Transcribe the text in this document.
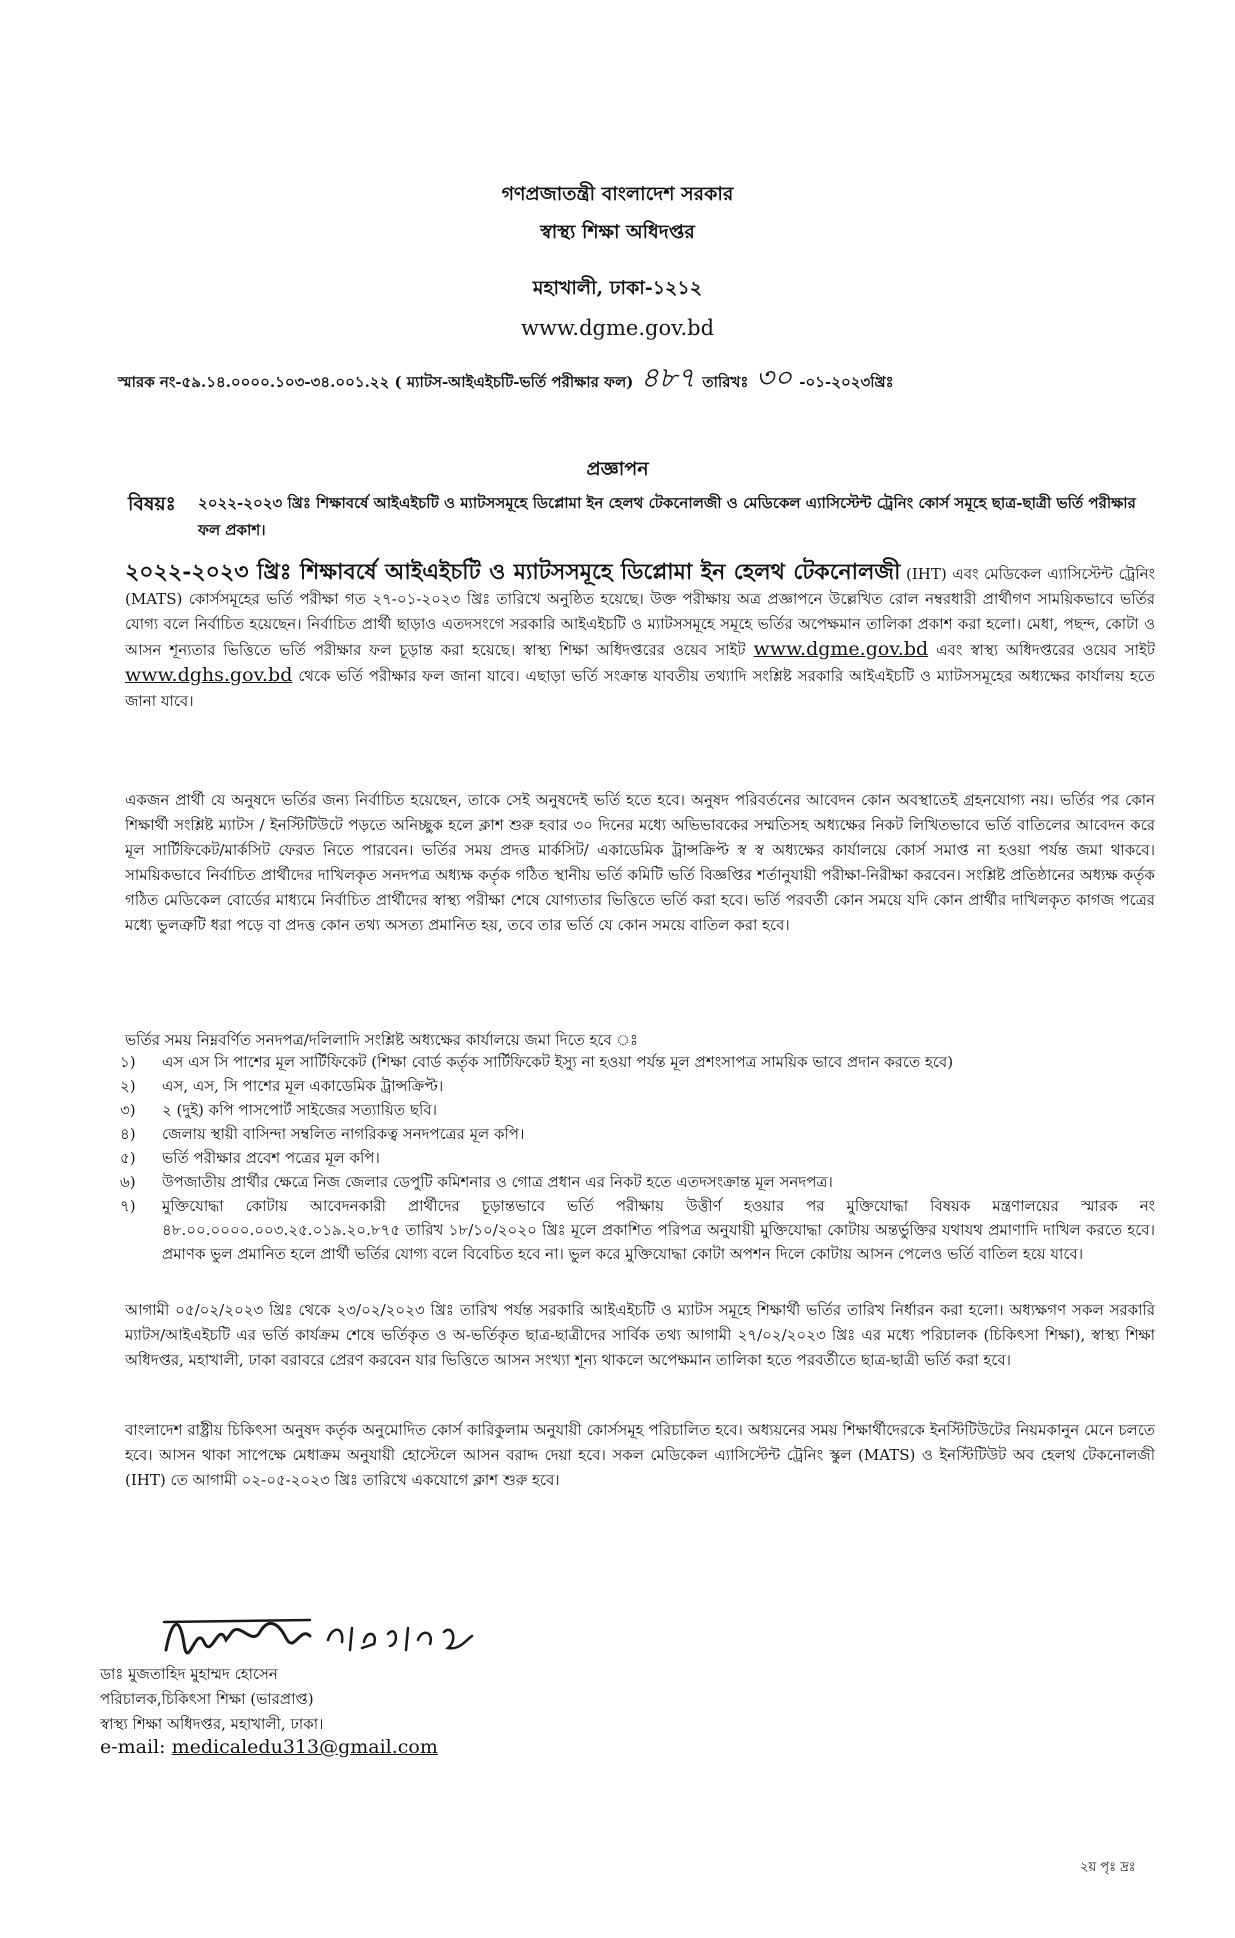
গণপ্রজাতন্ত্রী বাংলাদেশ সরকার
স্বাস্থ্য শিক্ষা অধিদপ্তর
মহাখালী, ঢাকা-১২১২
www.dgme.gov.bd
স্মারক নং-৫৯.১৪.০০০০.১০৩-৩৪.০০১.২২ ( ম্যাটস-আইএইচটি-ভর্তি পরীক্ষার ফল) ৪৮৭ তারিখঃ ৩০ -০১-২০২৩খ্রিঃ
প্রজ্ঞাপন
বিষয়ঃ	২০২২-২০২৩ খ্রিঃ শিক্ষাবর্ষে আইএইচটি ও ম্যাটসসমূহে ডিপ্লোমা ইন হেলথ টেকনোলজী ও মেডিকেল এ্যাসিস্টেন্ট ট্রেনিং কোর্স সমূহে ছাত্র-ছাত্রী ভর্তি পরীক্ষার ফল প্রকাশ।
২০২২-২০২৩ খ্রিঃ শিক্ষাবর্ষে আইএইচটি ও ম্যাটসসমূহে ডিপ্লোমা ইন হেলথ টেকনোলজী (IHT) এবং মেডিকেল এ্যাসিস্টেন্ট ট্রেনিং (MATS) কোর্সসমূহের ভর্তি পরীক্ষা গত ২৭-০১-২০২৩ খ্রিঃ তারিখে অনুষ্ঠিত হয়েছে। উক্ত পরীক্ষায় অত্র প্রজ্ঞাপনে উল্লেখিত রোল নম্বরধারী প্রার্থীগণ সাময়িকভাবে ভর্তির যোগ্য বলে নির্বাচিত হয়েছেন। নির্বাচিত প্রার্থী ছাড়াও এতদসংগে সরকারি আইএইচটি ও ম্যাটসসমূহে সমূহে ভর্তির অপেক্ষমান তালিকা প্রকাশ করা হলো। মেধা, পছন্দ, কোটা ও আসন শূন্যতার ভিত্তিতে ভর্তি পরীক্ষার ফল চূড়ান্ত করা হয়েছে। স্বাস্থ্য শিক্ষা অধিদপ্তরের ওয়েব সাইট www.dgme.gov.bd এবং স্বাস্থ্য অধিদপ্তরের ওয়েব সাইট www.dghs.gov.bd থেকে ভর্তি পরীক্ষার ফল জানা যাবে। এছাড়া ভর্তি সংক্রান্ত যাবতীয় তথ্যাদি সংশ্লিষ্ট সরকারি আইএইচটি ও ম্যাটসসমূহের অধ্যক্ষের কার্যালয় হতে জানা যাবে।
একজন প্রার্থী যে অনুষদে ভর্তির জন্য নির্বাচিত হয়েছেন, তাকে সেই অনুষদেই ভর্তি হতে হবে। অনুষদ পরিবর্তনের আবেদন কোন অবস্থাতেই গ্রহনযোগ্য নয়। ভর্তির পর কোন শিক্ষার্থী সংশ্লিষ্ট ম্যাটস / ইনস্টিটিউটে পড়তে অনিচ্ছুক হলে ক্লাশ শুরু হবার ৩০ দিনের মধ্যে অভিভাবকের সম্মতিসহ অধ্যক্ষের নিকট লিখিতভাবে ভর্তি বাতিলের আবেদন করে মূল সার্টিফিকেট/মার্কসিট ফেরত নিতে পারবেন। ভর্তির সময় প্রদত্ত মার্কসিট/ একাডেমিক ট্রান্সক্রিপ্ট স্ব স্ব অধ্যক্ষের কার্যালয়ে কোর্স সমাপ্ত না হওয়া পর্যন্ত জমা থাকবে। সাময়িকভাবে নির্বাচিত প্রার্থীদের দাখিলকৃত সনদপত্র অধ্যক্ষ কর্তৃক গঠিত স্থানীয় ভর্তি কমিটি ভর্তি বিজ্ঞপ্তির শর্তানুযায়ী পরীক্ষা-নিরীক্ষা করবেন। সংশ্লিষ্ট প্রতিষ্ঠানের অধ্যক্ষ কর্তৃক গঠিত মেডিকেল বোর্ডের মাধ্যমে নির্বাচিত প্রার্থীদের স্বাস্থ্য পরীক্ষা শেষে যোগ্যতার ভিত্তিতে ভর্তি করা হবে। ভর্তি পরবর্তী কোন সময়ে যদি কোন প্রার্থীর দাখিলকৃত কাগজ পত্রের মধ্যে ভুলত্রুটি ধরা পড়ে বা প্রদত্ত কোন তথ্য অসত্য প্রমানিত হয়, তবে তার ভর্তি যে কোন সময়ে বাতিল করা হবে।
ভর্তির সময় নিম্নবর্ণিত সনদপত্র/দলিলাদি সংশ্লিষ্ট অধ্যক্ষের কার্যালয়ে জমা দিতে হবে ঃ
১)	এস এস সি পাশের মূল সার্টিফিকেট (শিক্ষা বোর্ড কর্তৃক সার্টিফিকেট ইস্যু না হওয়া পর্যন্ত মূল প্রশংসাপত্র সাময়িক ভাবে প্রদান করতে হবে)
২)	এস, এস, সি পাশের মূল একাডেমিক ট্রান্সক্রিপ্ট।
৩)	২ (দুই) কপি পাসপোর্ট সাইজের সত্যায়িত ছবি।
৪)	জেলায় স্থায়ী বাসিন্দা সম্বলিত নাগরিকত্ব সনদপত্রের মূল কপি।
৫)	ভর্তি পরীক্ষার প্রবেশ পত্রের মূল কপি।
৬)	উপজাতীয় প্রার্থীর ক্ষেত্রে নিজ জেলার ডেপুটি কমিশনার ও গোত্র প্রধান এর নিকট হতে এতদসংক্রান্ত মূল সনদপত্র।
৭)	মুক্তিযোদ্ধা কোটায় আবেদনকারী প্রার্থীদের চূড়ান্তভাবে ভর্তি পরীক্ষায় উত্তীর্ণ হওয়ার পর মুক্তিযোদ্ধা বিষয়ক মন্ত্রণালয়ের স্মারক নং ৪৮.০০.০০০০.০০৩.২৫.০১৯.২০.৮৭৫ তারিখ ১৮/১০/২০২০ খ্রিঃ মূলে প্রকাশিত পরিপত্র অনুযায়ী মুক্তিযোদ্ধা কোটায় অন্তর্ভুক্তির যথাযথ প্রমাণাদি দাখিল করতে হবে। প্রমাণক ভুল প্রমানিত হলে প্রার্থী ভর্তির যোগ্য বলে বিবেচিত হবে না। ভুল করে মুক্তিযোদ্ধা কোটা অপশন দিলে কোটায় আসন পেলেও ভর্তি বাতিল হয়ে যাবে।
আগামী ০৫/০২/২০২৩ খ্রিঃ থেকে ২৩/০২/২০২৩ খ্রিঃ তারিখ পর্যন্ত সরকারি আইএইচটি ও ম্যাটস সমূহে শিক্ষার্থী ভর্তির তারিখ নির্ধারন করা হলো। অধ্যক্ষগণ সকল সরকারি ম্যাটস/আইএইচটি এর ভর্তি কার্যক্রম শেষে ভর্তিকৃত ও অ-ভর্তিকৃত ছাত্র-ছাত্রীদের সার্বিক তথ্য আগামী ২৭/০২/২০২৩ খ্রিঃ এর মধ্যে পরিচালক (চিকিৎসা শিক্ষা), স্বাস্থ্য শিক্ষা অধিদপ্তর, মহাখালী, ঢাকা বরাবরে প্রেরণ করবেন যার ভিত্তিতে আসন সংখ্যা শূন্য থাকলে অপেক্ষমান তালিকা হতে পরবর্তীতে ছাত্র-ছাত্রী ভর্তি করা হবে।
বাংলাদেশ রাষ্ট্রীয় চিকিৎসা অনুষদ কর্তৃক অনুমোদিত কোর্স কারিকুলাম অনুযায়ী কোর্সসমূহ পরিচালিত হবে। অধ্যয়নের সময় শিক্ষার্থীদেরকে ইনস্টিটিউটের নিয়মকানুন মেনে চলতে হবে। আসন থাকা সাপেক্ষে মেধাক্রম অনুযায়ী হোস্টেলে আসন বরাদ্দ দেয়া হবে। সকল মেডিকেল এ্যাসিস্টেন্ট ট্রেনিং স্কুল (MATS) ও ইনস্টিটিউট অব হেলথ টেকনোলজী (IHT) তে আগামী ০২-০৫-২০২৩ খ্রিঃ তারিখে একযোগে ক্লাশ শুরু হবে।
ডাঃ মুজতাহিদ মুহাম্মদ হোসেন
পরিচালক,চিকিৎসা শিক্ষা (ভারপ্রাপ্ত)
স্বাস্থ্য শিক্ষা অধিদপ্তর, মহাখালী, ঢাকা।
e-mail: medicaledu313@gmail.com
২য় পৃঃ দ্রঃ
